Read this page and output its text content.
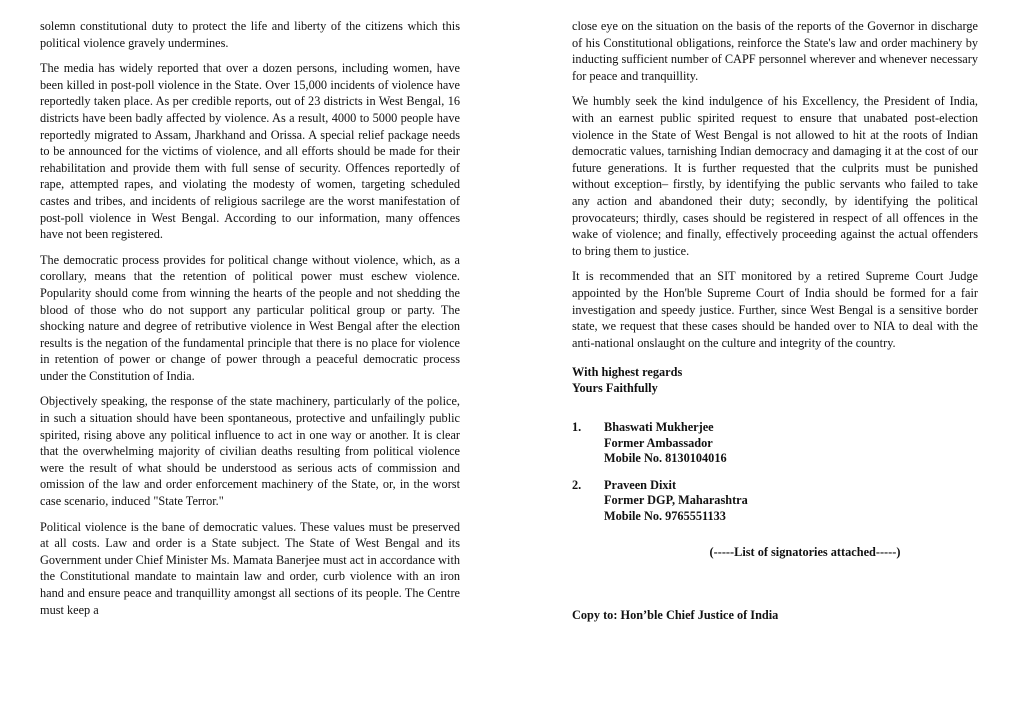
solemn constitutional duty to protect the life and liberty of the citizens which this political violence gravely undermines.

The media has widely reported that over a dozen persons, including women, have been killed in post-poll violence in the State. Over 15,000 incidents of violence have reportedly taken place. As per credible reports, out of 23 districts in West Bengal, 16 districts have been badly affected by violence. As a result, 4000 to 5000 people have reportedly migrated to Assam, Jharkhand and Orissa. A special relief package needs to be announced for the victims of violence, and all efforts should be made for their rehabilitation and provide them with full sense of security. Offences reportedly of rape, attempted rapes, and violating the modesty of women, targeting scheduled castes and tribes, and incidents of religious sacrilege are the worst manifestation of post-poll violence in West Bengal. According to our information, many offences have not been registered.

The democratic process provides for political change without violence, which, as a corollary, means that the retention of political power must eschew violence. Popularity should come from winning the hearts of the people and not shedding the blood of those who do not support any particular political group or party. The shocking nature and degree of retributive violence in West Bengal after the election results is the negation of the fundamental principle that there is no place for violence in retention of power or change of power through a peaceful democratic process under the Constitution of India.

Objectively speaking, the response of the state machinery, particularly of the police, in such a situation should have been spontaneous, protective and unfailingly public spirited, rising above any political influence to act in one way or another. It is clear that the overwhelming majority of civilian deaths resulting from political violence were the result of what should be understood as serious acts of commission and omission of the law and order enforcement machinery of the State, or, in the worst case scenario, induced "State Terror."

Political violence is the bane of democratic values. These values must be preserved at all costs. Law and order is a State subject. The State of West Bengal and its Government under Chief Minister Ms. Mamata Banerjee must act in accordance with the Constitutional mandate to maintain law and order, curb violence with an iron hand and ensure peace and tranquillity amongst all sections of its people. The Centre must keep a

close eye on the situation on the basis of the reports of the Governor in discharge of his Constitutional obligations, reinforce the State's law and order machinery by inducting sufficient number of CAPF personnel wherever and whenever necessary for peace and tranquillity.

We humbly seek the kind indulgence of his Excellency, the President of India, with an earnest public spirited request to ensure that unabated post-election violence in the State of West Bengal is not allowed to hit at the roots of Indian democratic values, tarnishing Indian democracy and damaging it at the cost of our future generations. It is further requested that the culprits must be punished without exception– firstly, by identifying the public servants who failed to take any action and abandoned their duty; secondly, by identifying the political provocateurs; thirdly, cases should be registered in respect of all offences in the wake of violence; and finally, effectively proceeding against the actual offenders to bring them to justice.

It is recommended that an SIT monitored by a retired Supreme Court Judge appointed by the Hon'ble Supreme Court of India should be formed for a fair investigation and speedy justice. Further, since West Bengal is a sensitive border state, we request that these cases should be handed over to NIA to deal with the anti-national onslaught on the culture and integrity of the country.

With highest regards
Yours Faithfully
1.	Bhaswati Mukherjee
Former Ambassador
Mobile No. 8130104016
2.	Praveen Dixit
Former DGP, Maharashtra
Mobile No. 9765551133
(-----List of signatories attached-----)
Copy to: Hon’ble Chief Justice of India
